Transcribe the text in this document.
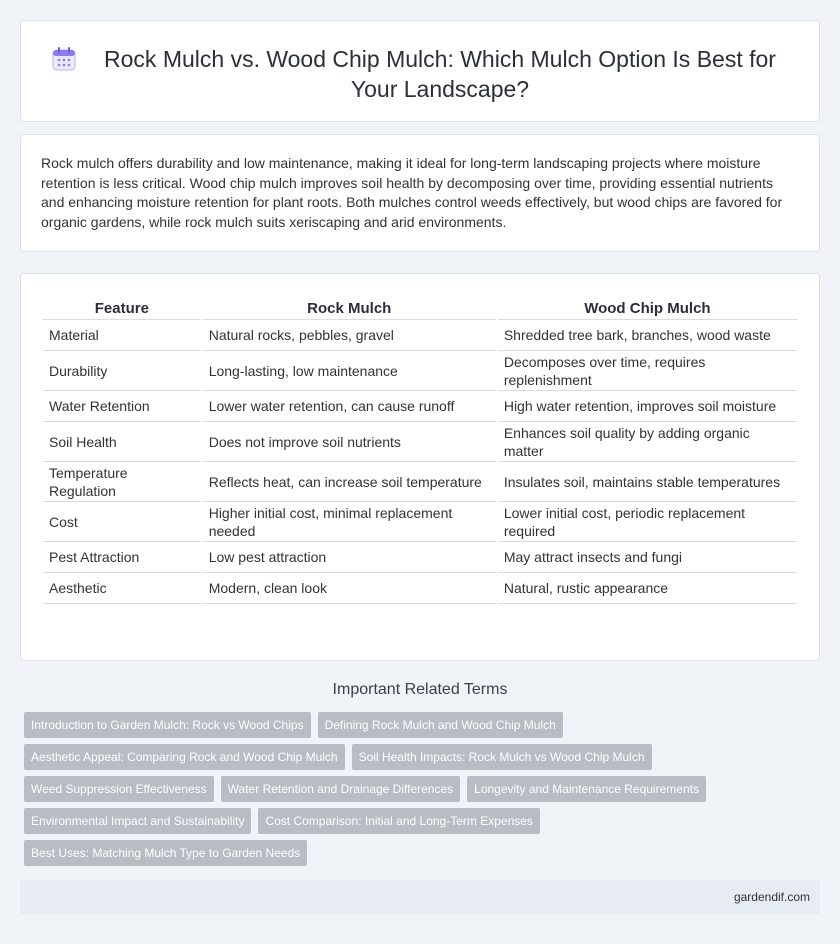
Rock Mulch vs. Wood Chip Mulch: Which Mulch Option Is Best for Your Landscape?

Rock mulch offers durability and low maintenance, making it ideal for long-term landscaping projects where moisture retention is less critical. Wood chip mulch improves soil health by decomposing over time, providing essential nutrients and enhancing moisture retention for plant roots. Both mulches control weeds effectively, but wood chips are favored for organic gardens, while rock mulch suits xeriscaping and arid environments.

Feature	Rock Mulch	Wood Chip Mulch
Material	Natural rocks, pebbles, gravel	Shredded tree bark, branches, wood waste
Durability	Long-lasting, low maintenance	Decomposes over time, requires replenishment
Water Retention	Lower water retention, can cause runoff	High water retention, improves soil moisture
Soil Health	Does not improve soil nutrients	Enhances soil quality by adding organic matter
Temperature Regulation	Reflects heat, can increase soil temperature	Insulates soil, maintains stable temperatures
Cost	Higher initial cost, minimal replacement needed	Lower initial cost, periodic replacement required
Pest Attraction	Low pest attraction	May attract insects and fungi
Aesthetic	Modern, clean look	Natural, rustic appearance
Important Related Terms
Introduction to Garden Mulch: Rock vs Wood Chips	Defining Rock Mulch and Wood Chip Mulch
Aesthetic Appeal: Comparing Rock and Wood Chip Mulch	Soil Health Impacts: Rock Mulch vs Wood Chip Mulch
Weed Suppression Effectiveness	Water Retention and Drainage Differences	Longevity and Maintenance Requirements
Environmental Impact and Sustainability	Cost Comparison: Initial and Long-Term Expenses
Best Uses: Matching Mulch Type to Garden Needs
gardendif.com
